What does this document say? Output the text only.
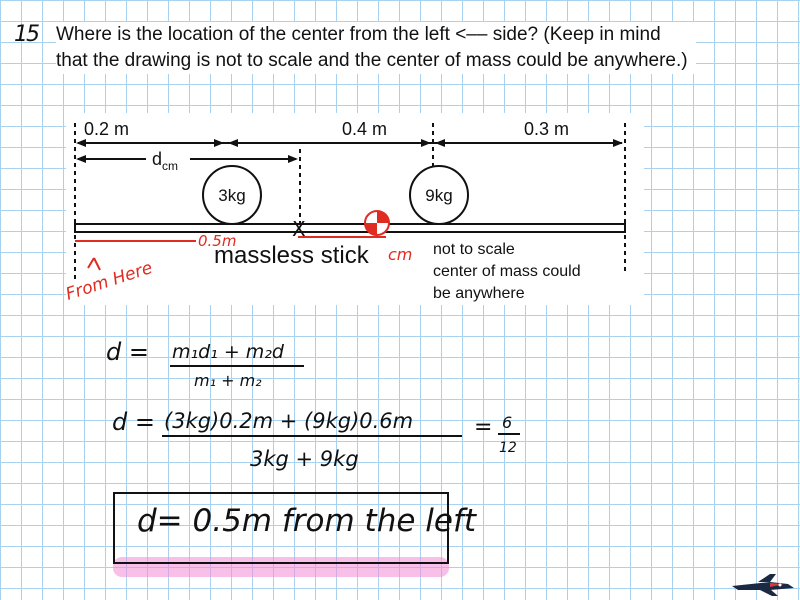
15 Where is the location of the center from the left <–– side? (Keep in mind that the drawing is not to scale and the center of mass could be anywhere.)
0.2 m	0.4 m	0.3 m
$d_{cm}$
3kg	9kg
cm
0.5m	X
massless stick	not to scale
center of mass could
be anywhere
From Here
d = m₁d₁ + m₂d
m₁ + m₂
d = (3kg)0.2m + (9kg)0.6m
3kg + 9kg
= 6
12
d= 0.5m from the left
